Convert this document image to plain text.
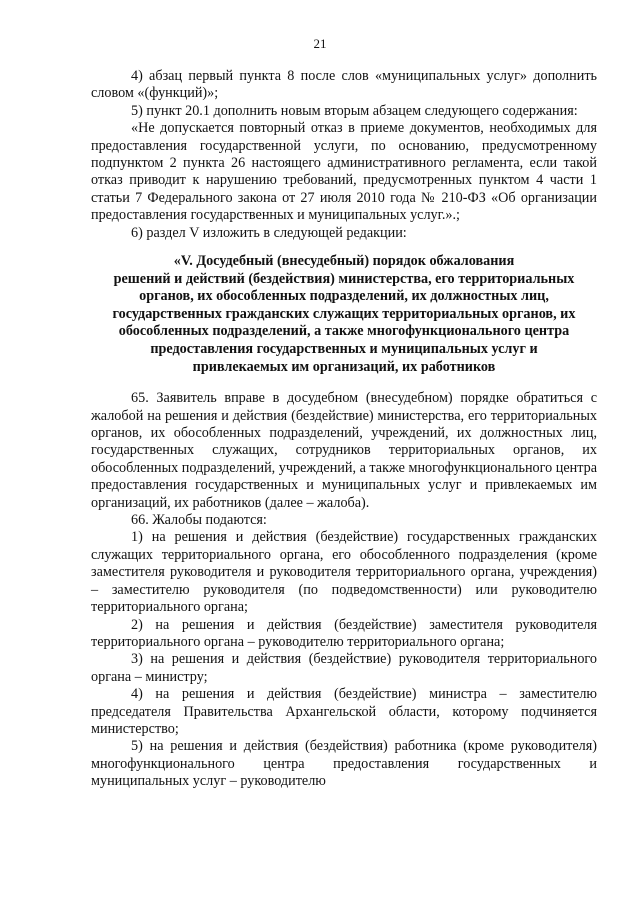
21

4) абзац первый пункта 8 после слов «муниципальных услуг» дополнить словом «(функций)»;

5) пункт 20.1 дополнить новым вторым абзацем следующего содержания:

«Не допускается повторный отказ в приеме документов, необходимых для предоставления государственной услуги, по основанию, предусмотренному подпунктом 2 пункта 26 настоящего административного регламента, если такой отказ приводит к нарушению требований, предусмотренных пунктом 4 части 1 статьи 7 Федерального закона от 27 июля 2010 года № 210-ФЗ «Об организации предоставления государственных и муниципальных услуг.».;

6) раздел V изложить в следующей редакции:

«V. Досудебный (внесудебный) порядок обжалования
решений и действий (бездействия) министерства, его территориальных
органов, их обособленных подразделений, их должностных лиц,
государственных гражданских служащих территориальных органов, их
обособленных подразделений, а также многофункционального центра
предоставления государственных и муниципальных услуг и
привлекаемых им организаций, их работников

65. Заявитель вправе в досудебном (внесудебном) порядке обратиться с жалобой на решения и действия (бездействие) министерства, его территориальных органов, их обособленных подразделений, учреждений, их должностных лиц, государственных служащих, сотрудников территориальных органов, их обособленных подразделений, учреждений, а также многофункционального центра предоставления государственных и муниципальных услуг и привлекаемых им организаций, их работников (далее – жалоба).

66. Жалобы подаются:

1) на решения и действия (бездействие) государственных гражданских служащих территориального органа, его обособленного подразделения (кроме заместителя руководителя и руководителя территориального органа, учреждения) – заместителю руководителя (по подведомственности) или руководителю территориального органа;

2) на решения и действия (бездействие) заместителя руководителя территориального органа – руководителю территориального органа;

3) на решения и действия (бездействие) руководителя территориального органа – министру;

4) на решения и действия (бездействие) министра – заместителю председателя Правительства Архангельской области, которому подчиняется министерство;

5) на решения и действия (бездействия) работника (кроме руководителя) многофункционального центра предоставления государственных и муниципальных услуг – руководителю
